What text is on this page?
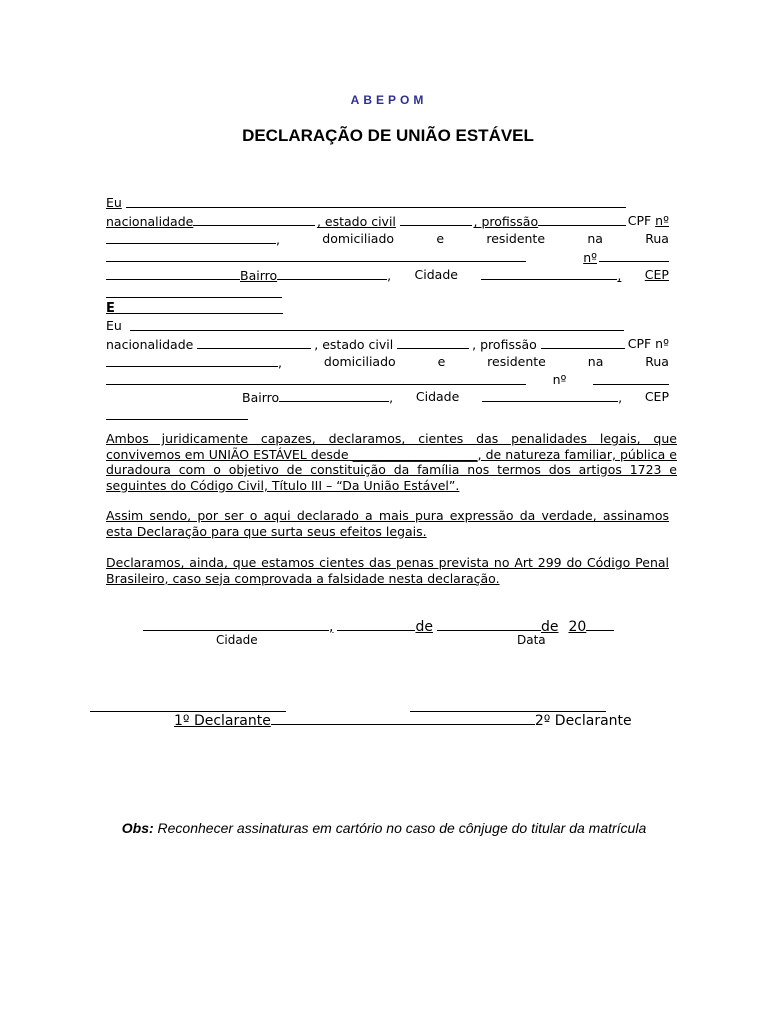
ABEPOM
DECLARAÇÃO DE UNIÃO ESTÁVEL
Eu
nacionalidade	, estado civil	, profissão	CPF nº
,	domiciliado	e	residente	na	Rua
nº
Bairro	, Cidade	, CEP
E
Eu
nacionalidade	, estado civil	, profissão	CPF nº
,	domiciliado	e	residente	na	Rua
nº
Bairro	, Cidade	, CEP
Ambos juridicamente capazes, declaramos, cientes das penalidades legais, que convivemos em UNIÃO ESTÁVEL desde ____________________, de natureza familiar, pública e duradoura com o objetivo de constituição da família nos termos dos artigos 1723 e seguintes do Código Civil, Título III – “Da União Estável”.
Assim sendo, por ser o aqui declarado a mais pura expressão da verdade, assinamos esta Declaração para que surta seus efeitos legais.
Declaramos, ainda, que estamos cientes das penas prevista no Art 299 do Código Penal Brasileiro, caso seja comprovada a falsidade nesta declaração.
,	de	de 20
Cidade	Data
1º Declarante	2º Declarante
Obs: Reconhecer assinaturas em cartório no caso de cônjuge do titular da matrícula
